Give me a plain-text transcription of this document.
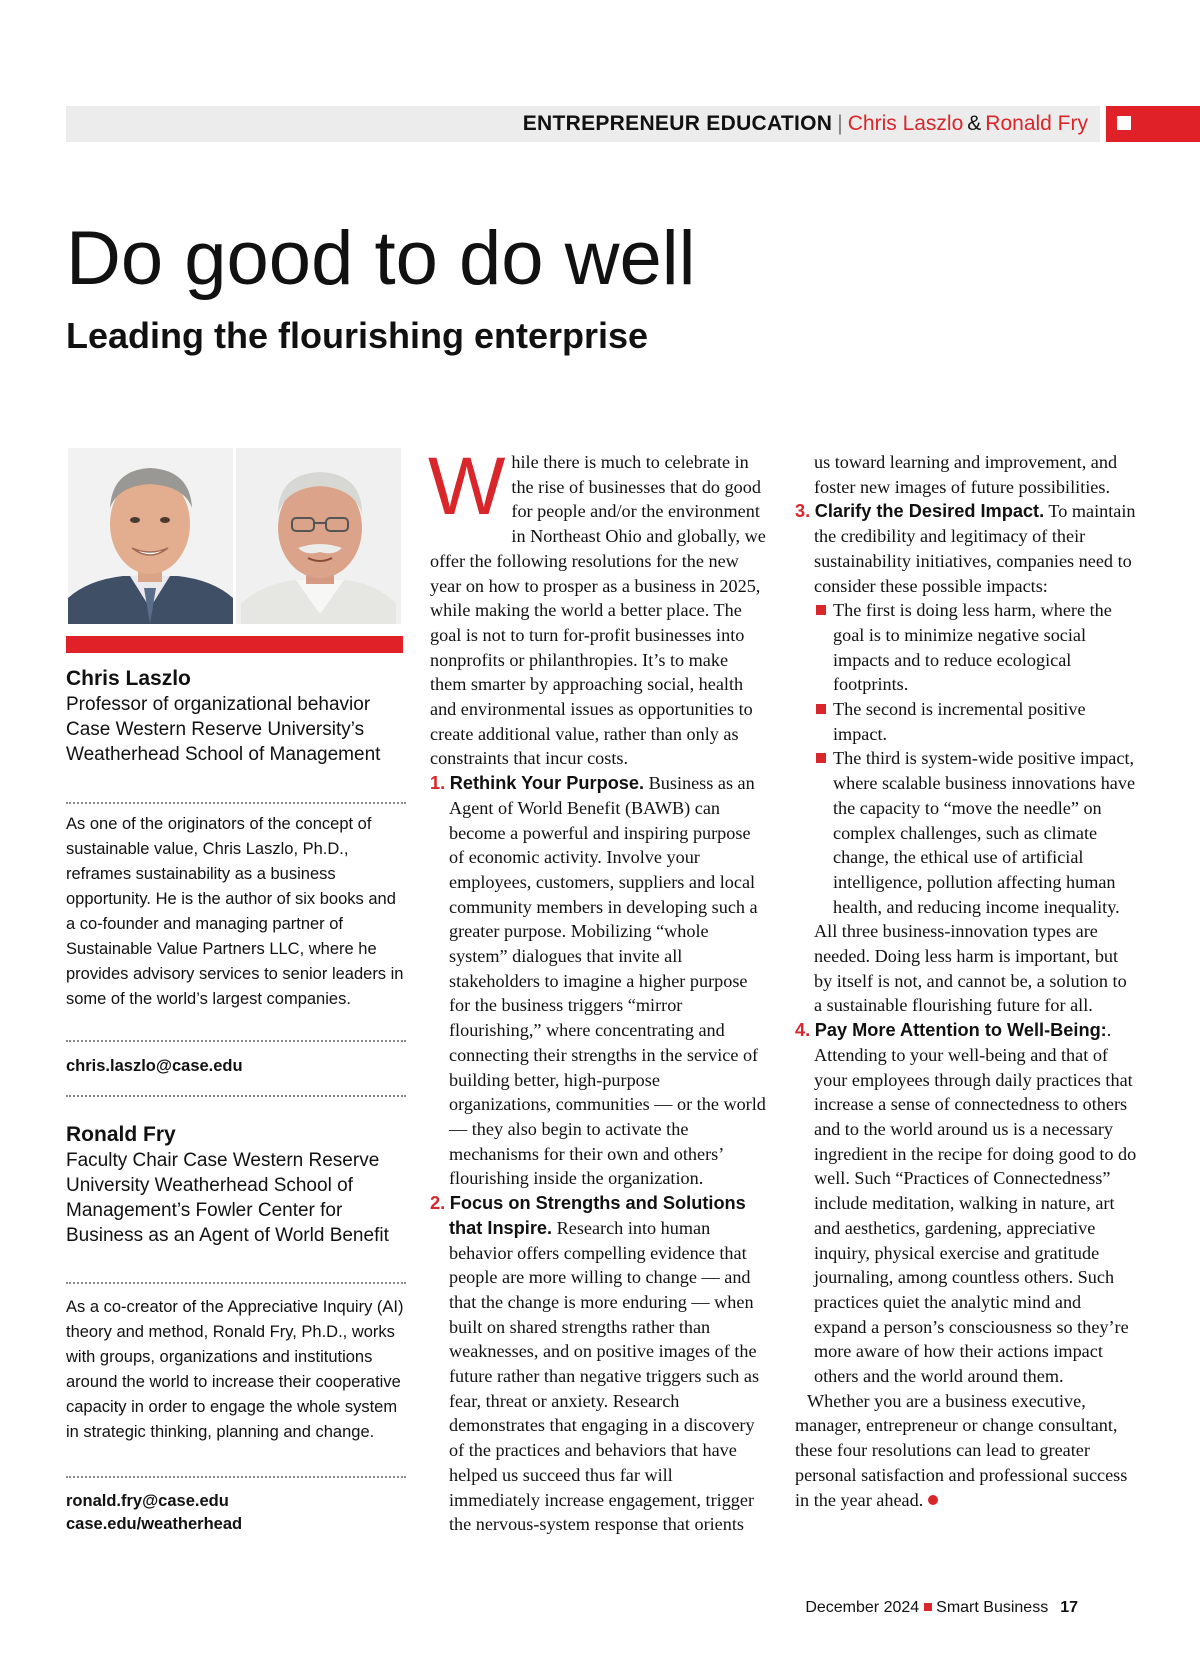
ENTREPRENEUR EDUCATION | Chris Laszlo & Ronald Fry
Do good to do well
Leading the flourishing enterprise
Chris Laszlo
Professor of organizational behavior Case Western Reserve University’s Weatherhead School of Management
As one of the originators of the concept of sustainable value, Chris Laszlo, Ph.D., reframes sustainability as a business opportunity. He is the author of six books and a co-founder and managing partner of Sustainable Value Partners LLC, where he provides advisory services to senior leaders in some of the world’s largest companies.
chris.laszlo@case.edu
Ronald Fry
Faculty Chair Case Western Reserve University Weatherhead School of Management’s Fowler Center for Business as an Agent of World Benefit
As a co-creator of the Appreciative Inquiry (AI) theory and method, Ronald Fry, Ph.D., works with groups, organizations and institutions around the world to increase their cooperative capacity in order to engage the whole system in strategic thinking, planning and change.
ronald.fry@case.edu
case.edu/weatherhead

While there is much to celebrate in the rise of businesses that do good for people and/or the environment in Northeast Ohio and globally, we offer the following resolutions for the new year on how to prosper as a business in 2025, while making the world a better place. The goal is not to turn for-profit businesses into nonprofits or philanthropies. It’s to make them smarter by approaching social, health and environmental issues as opportunities to create additional value, rather than only as constraints that incur costs.

1. Rethink Your Purpose. Business as an Agent of World Benefit (BAWB) can become a powerful and inspiring purpose of economic activity. Involve your employees, customers, suppliers and local community members in developing such a greater purpose. Mobilizing “whole system” dialogues that invite all stakeholders to imagine a higher purpose for the business triggers “mirror flourishing,” where concentrating and connecting their strengths in the service of building better, high-purpose organizations, communities — or the world — they also begin to activate the mechanisms for their own and others’ flourishing inside the organization.

2. Focus on Strengths and Solutions that Inspire. Research into human behavior offers compelling evidence that people are more willing to change — and that the change is more enduring — when built on shared strengths rather than weaknesses, and on positive images of the future rather than negative triggers such as fear, threat or anxiety. Research demonstrates that engaging in a discovery of the practices and behaviors that have helped us succeed thus far will immediately increase engagement, trigger the nervous-system response that orients

us toward learning and improvement, and foster new images of future possibilities.

3. Clarify the Desired Impact. To maintain the credibility and legitimacy of their sustainability initiatives, companies need to consider these possible impacts:

The first is doing less harm, where the goal is to minimize negative social impacts and to reduce ecological footprints.

The second is incremental positive impact.

The third is system-wide positive impact, where scalable business innovations have the capacity to “move the needle” on complex challenges, such as climate change, the ethical use of artificial intelligence, pollution affecting human health, and reducing income inequality.

All three business-innovation types are needed. Doing less harm is important, but by itself is not, and cannot be, a solution to a sustainable flourishing future for all.

4. Pay More Attention to Well-Being:. Attending to your well-being and that of your employees through daily practices that increase a sense of connectedness to others and to the world around us is a necessary ingredient in the recipe for doing good to do well. Such “Practices of Connectedness” include meditation, walking in nature, art and aesthetics, gardening, appreciative inquiry, physical exercise and gratitude journaling, among countless others. Such practices quiet the analytic mind and expand a person’s consciousness so they’re more aware of how their actions impact others and the world around them.

Whether you are a business executive, manager, entrepreneur or change consultant, these four resolutions can lead to greater personal satisfaction and professional success in the year ahead.

December 2024 Smart Business 17
